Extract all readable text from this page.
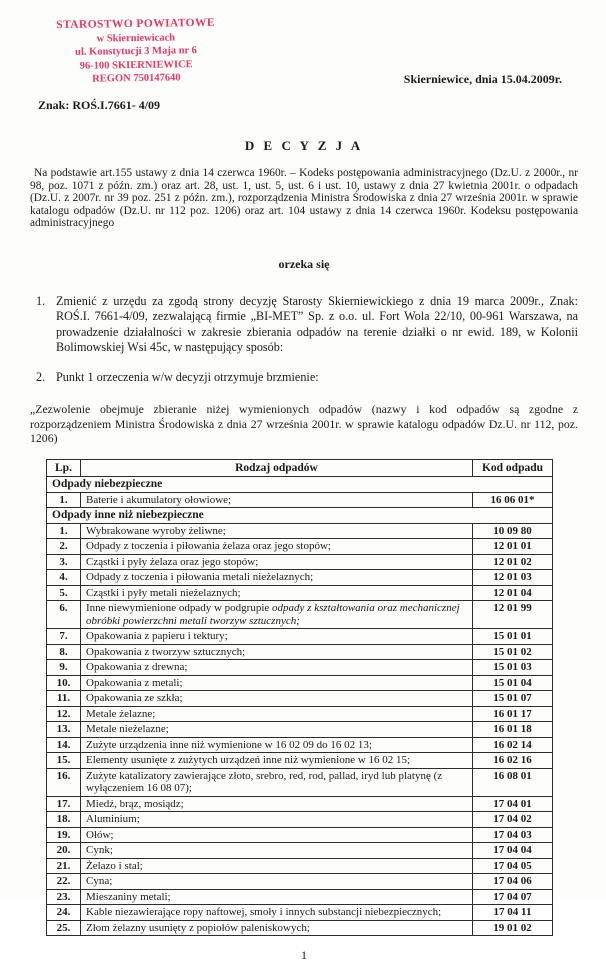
STAROSTWO POWIATOWE
w Skierniewicach
ul. Konstytucji 3 Maja nr 6
96-100 SKIERNIEWICE
REGON 750147640	Skierniewice, dnia 15.04.2009r.
Znak: ROŚ.I.7661- 4/09
D E C Y Z J A

Na podstawie art.155 ustawy z dnia 14 czerwca 1960r. – Kodeks postępowania administracyjnego (Dz.U. z 2000r., nr 98, poz. 1071 z późn. zm.) oraz art. 28, ust. 1, ust. 5, ust. 6 i ust. 10, ustawy z dnia 27 kwietnia 2001r. o odpadach (Dz.U. z 2007r. nr 39 poz. 251 z późn. zm.), rozporządzenia Ministra Środowiska z dnia 27 września 2001r. w sprawie katalogu odpadów (Dz.U. nr 112 poz. 1206) oraz art. 104 ustawy z dnia 14 czerwca 1960r. Kodeksu postępowania administracyjnego

orzeka się
1. Zmienić z urzędu za zgodą strony decyzję Starosty Skierniewickiego z dnia 19 marca 2009r., Znak: ROŚ.I. 7661-4/09, zezwalającą firmie „BI-MET” Sp. z o.o. ul. Fort Wola 22/10, 00-961 Warszawa, na prowadzenie działalności w zakresie zbierania odpadów na terenie działki o nr ewid. 189, w Kolonii Bolimowskiej Wsi 45c, w następujący sposób:
2. Punkt 1 orzeczenia w/w decyzji otrzymuje brzmienie:

„Zezwolenie obejmuje zbieranie niżej wymienionych odpadów (nazwy i kod odpadów są zgodne z rozporządzeniem Ministra Środowiska z dnia 27 września 2001r. w sprawie katalogu odpadów Dz.U. nr 112, poz. 1206)

Lp.	Rodzaj odpadów	Kod odpadu
Odpady niebezpieczne		
1.	Baterie i akumulatory ołowiowe;	16 06 01*
Odpady inne niż niebezpieczne		
1.	Wybrakowane wyroby żeliwne;	10 09 80
2.	Odpady z toczenia i piłowania żelaza oraz jego stopów;	12 01 01
3.	Cząstki i pyły żelaza oraz jego stopów;	12 01 02
4.	Odpady z toczenia i piłowania metali nieżelaznych;	12 01 03
5.	Cząstki i pyły metali nieżelaznych;	12 01 04
6.	Inne niewymienione odpady w podgrupie odpady z kształtowania oraz mechanicznej obróbki powierzchni metali tworzyw sztucznych;	12 01 99
7.	Opakowania z papieru i tektury;	15 01 01
8.	Opakowania z tworzyw sztucznych;	15 01 02
9.	Opakowania z drewna;	15 01 03
10.	Opakowania z metali;	15 01 04
11.	Opakowania ze szkła;	15 01 07
12.	Metale żelazne;	16 01 17
13.	Metale nieżelazne;	16 01 18
14.	Zużyte urządzenia inne niż wymienione w 16 02 09 do 16 02 13;	16 02 14
15.	Elementy usunięte z zużytych urządzeń inne niż wymienione w 16 02 15;	16 02 16
16.	Zużyte katalizatory zawierające złoto, srebro, red, rod, pallad, iryd lub platynę (z wyłączeniem 16 08 07);	16 08 01
17.	Miedź, brąz, mosiądz;	17 04 01
18.	Aluminium;	17 04 02
19.	Ołów;	17 04 03
20.	Cynk;	17 04 04
21.	Żelazo i stal;	17 04 05
22.	Cyna;	17 04 06
23.	Mieszaniny metali;	17 04 07
24.	Kable niezawierające ropy naftowej, smoły i innych substancji niebezpiecznych;	17 04 11
25.	Złom żelazny usunięty z popiołów paleniskowych;	19 01 02
1
